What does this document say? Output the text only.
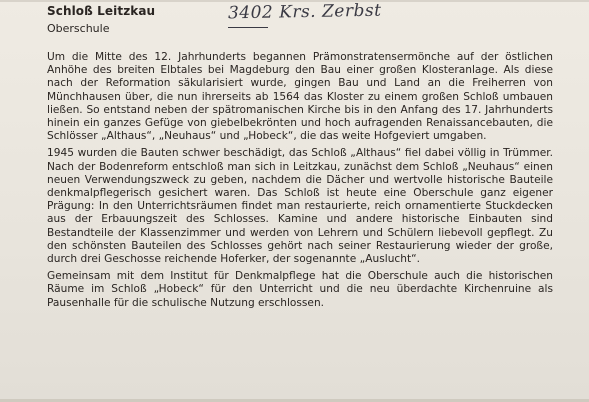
Schloß Leitzkau
Oberschule
3402 Krs. Zerbst

Um die Mitte des 12. Jahrhunderts begannen Prämonstratensermönche auf der östlichen Anhöhe des breiten Elbtales bei Magdeburg den Bau einer großen Klosteranlage. Als diese nach der Reformation säkularisiert wurde, gingen Bau und Land an die Freiherren von Münchhausen über, die nun ihrerseits ab 1564 das Kloster zu einem großen Schloß umbauen ließen. So entstand neben der spätromanischen Kirche bis in den Anfang des 17. Jahrhunderts hinein ein ganzes Gefüge von giebelbekrönten und hoch aufragenden Renaissancebauten, die Schlösser „Althaus“, „Neuhaus“ und „Hobeck“, die das weite Hofgeviert umgaben.

1945 wurden die Bauten schwer beschädigt, das Schloß „Althaus“ fiel dabei völlig in Trümmer. Nach der Bodenreform entschloß man sich in Leitzkau, zunächst dem Schloß „Neuhaus“ einen neuen Verwendungszweck zu geben, nachdem die Dächer und wertvolle historische Bauteile denkmalpflegerisch gesichert waren. Das Schloß ist heute eine Oberschule ganz eigener Prägung: In den Unterrichtsräumen findet man restaurierte, reich ornamentierte Stuckdecken aus der Erbauungszeit des Schlosses. Kamine und andere historische Einbauten sind Bestandteile der Klassenzimmer und werden von Lehrern und Schülern liebevoll gepflegt. Zu den schönsten Bauteilen des Schlosses gehört nach seiner Restaurierung wieder der große, durch drei Geschosse reichende Hoferker, der sogenannte „Auslucht“.

Gemeinsam mit dem Institut für Denkmalpflege hat die Oberschule auch die historischen Räume im Schloß „Hobeck“ für den Unterricht und die neu überdachte Kirchenruine als Pausenhalle für die schulische Nutzung erschlossen.
